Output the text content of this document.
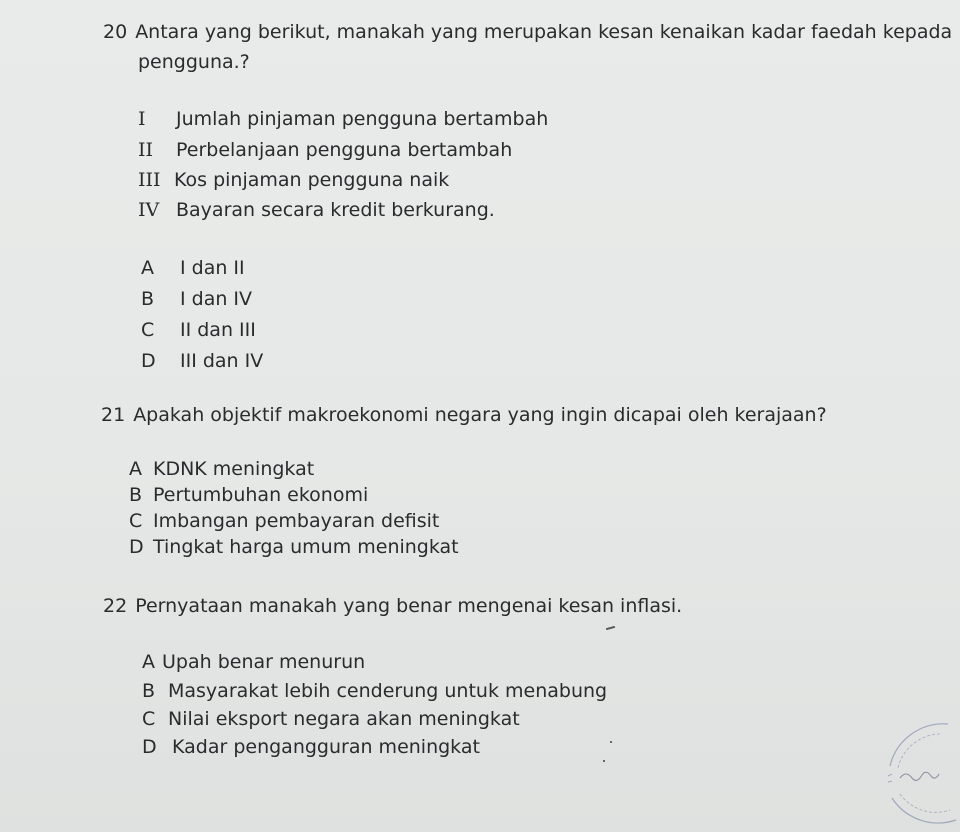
20 Antara yang berikut, manakah yang merupakan kesan kenaikan kadar faedah kepada
pengguna.?
I Jumlah pinjaman pengguna bertambah
II Perbelanjaan pengguna bertambah
III Kos pinjaman pengguna naik
IV Bayaran secara kredit berkurang.
A I dan II
B I dan IV
C II dan III
D III dan IV
21 Apakah objektif makroekonomi negara yang ingin dicapai oleh kerajaan?
A KDNK meningkat
B Pertumbuhan ekonomi
C Imbangan pembayaran defisit
D Tingkat harga umum meningkat
22 Pernyataan manakah yang benar mengenai kesan inflasi.
A Upah benar menurun
B Masyarakat lebih cenderung untuk menabung
C Nilai eksport negara akan meningkat
D Kadar pengangguran meningkat
